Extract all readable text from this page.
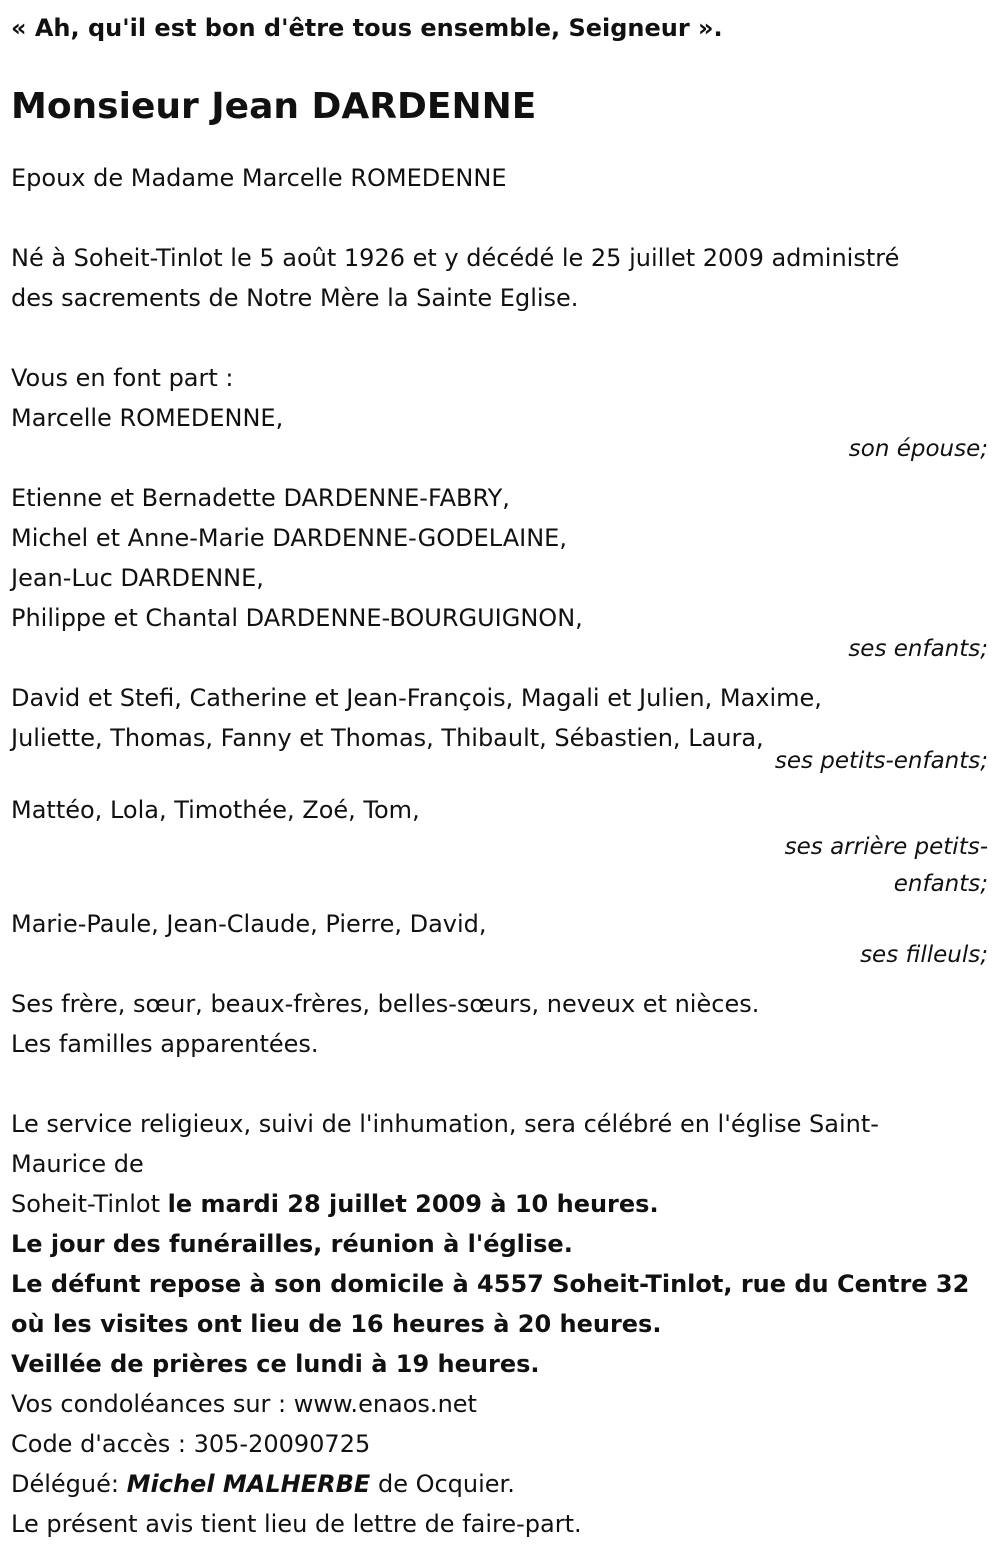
« Ah, qu'il est bon d'être tous ensemble, Seigneur ».
Monsieur Jean DARDENNE
Epoux de Madame Marcelle ROMEDENNE
Né à Soheit-Tinlot le 5 août 1926 et y décédé le 25 juillet 2009 administré
des sacrements de Notre Mère la Sainte Eglise.
Vous en font part :
Marcelle ROMEDENNE,
son épouse;
Etienne et Bernadette DARDENNE-FABRY,
Michel et Anne-Marie DARDENNE-GODELAINE,
Jean-Luc DARDENNE,
Philippe et Chantal DARDENNE-BOURGUIGNON,
ses enfants;
David et Stefi, Catherine et Jean-François, Magali et Julien, Maxime,
Juliette, Thomas, Fanny et Thomas, Thibault, Sébastien, Laura,
ses petits-enfants;
Mattéo, Lola, Timothée, Zoé, Tom,
ses arrière petits-
enfants;
Marie-Paule, Jean-Claude, Pierre, David,
ses filleuls;
Ses frère, sœur, beaux-frères, belles-sœurs, neveux et nièces.
Les familles apparentées.
Le service religieux, suivi de l'inhumation, sera célébré en l'église Saint-
Maurice de
Soheit-Tinlot le mardi 28 juillet 2009 à 10 heures.
Le jour des funérailles, réunion à l'église.
Le défunt repose à son domicile à 4557 Soheit-Tinlot, rue du Centre 32
où les visites ont lieu de 16 heures à 20 heures.
Veillée de prières ce lundi à 19 heures.
Vos condoléances sur : www.enaos.net
Code d'accès : 305-20090725
Délégué: Michel MALHERBE de Ocquier.
Le présent avis tient lieu de lettre de faire-part.
